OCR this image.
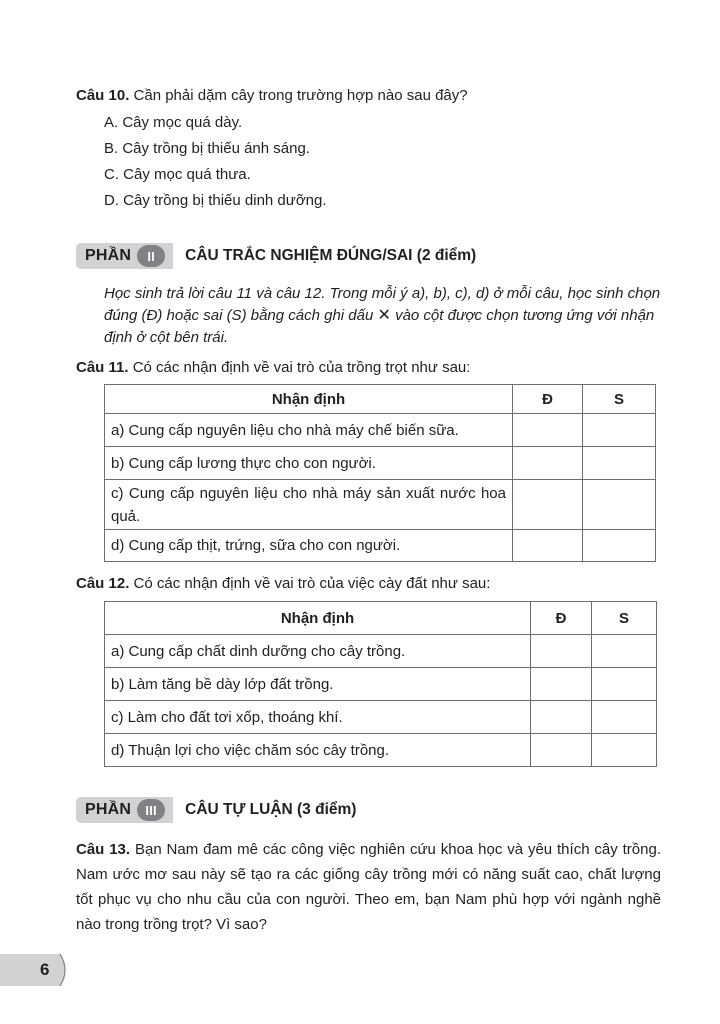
Câu 10. Cần phải dặm cây trong trường hợp nào sau đây?
A. Cây mọc quá dày.
B. Cây trồng bị thiếu ánh sáng.
C. Cây mọc quá thưa.
D. Cây trồng bị thiếu dinh dưỡng.
PHẦN	II	CÂU TRẮC NGHIỆM ĐÚNG/SAI (2 điểm)
Học sinh trả lời câu 11 và câu 12. Trong mỗi ý a), b), c), d) ở mỗi câu, học sinh chọn đúng (Đ) hoặc sai (S) bằng cách ghi dấu ✕ vào cột được chọn tương ứng với nhận định ở cột bên trái.
Câu 11. Có các nhận định về vai trò của trồng trọt như sau:
Nhận định	Đ	S
a) Cung cấp nguyên liệu cho nhà máy chế biến sữa.		
b) Cung cấp lương thực cho con người.		
c) Cung cấp nguyên liệu cho nhà máy sản xuất nước hoa quả.		
d) Cung cấp thịt, trứng, sữa cho con người.		
Câu 12. Có các nhận định về vai trò của việc cày đất như sau:
Nhận định	Đ	S
a) Cung cấp chất dinh dưỡng cho cây trồng.		
b) Làm tăng bề dày lớp đất trồng.		
c) Làm cho đất tơi xốp, thoáng khí.		
d) Thuận lợi cho việc chăm sóc cây trồng.		
PHẦN	III	CÂU TỰ LUẬN (3 điểm)
Câu 13. Bạn Nam đam mê các công việc nghiên cứu khoa học và yêu thích cây trồng. Nam ước mơ sau này sẽ tạo ra các giống cây trồng mới có năng suất cao, chất lượng tốt phục vụ cho nhu cầu của con người. Theo em, bạn Nam phù hợp với ngành nghề nào trong trồng trọt? Vì sao?
6
